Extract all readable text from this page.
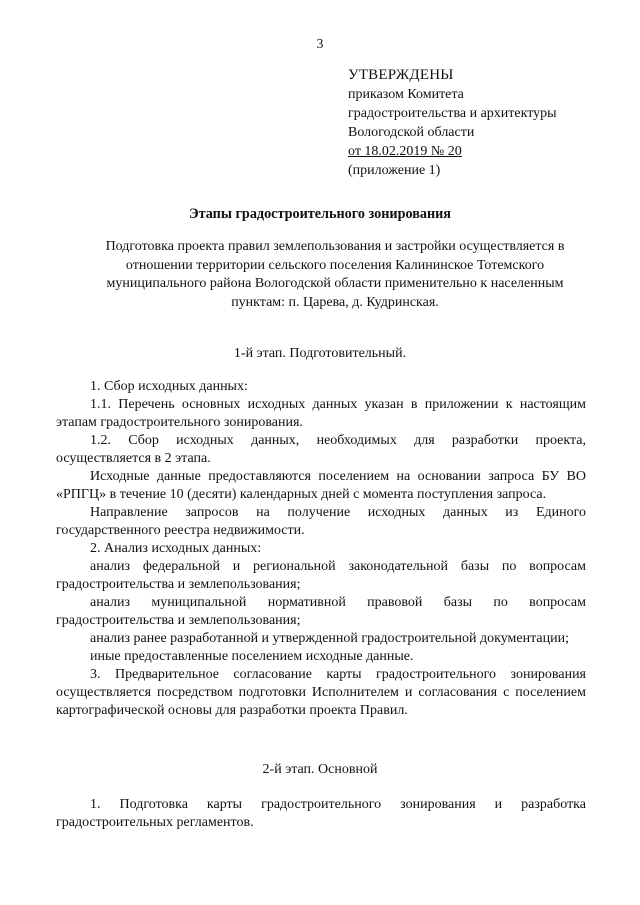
3
УТВЕРЖДЕНЫ
приказом Комитета
градостроительства и архитектуры
Вологодской области
от 18.02.2019 № 20
(приложение 1)
Этапы градостроительного зонирования
Подготовка проекта правил землепользования и застройки осуществляется в отношении территории сельского поселения Калининское Тотемского муниципального района Вологодской области применительно к населенным пунктам: п. Царева, д. Кудринская.
1-й этап. Подготовительный.

1. Сбор исходных данных:

1.1. Перечень основных исходных данных указан в приложении к настоящим этапам градостроительного зонирования.

1.2. Сбор исходных данных, необходимых для разработки проекта, осуществляется в 2 этапа.

Исходные данные предоставляются поселением на основании запроса БУ ВО «РПГЦ» в течение 10 (десяти) календарных дней с момента поступления запроса.

Направление запросов на получение исходных данных из Единого государственного реестра недвижимости.

2. Анализ исходных данных:

анализ федеральной и региональной законодательной базы по вопросам градостроительства и землепользования;

анализ муниципальной нормативной правовой базы по вопросам градостроительства и землепользования;

анализ ранее разработанной и утвержденной градостроительной документации;

иные предоставленные поселением исходные данные.

3. Предварительное согласование карты градостроительного зонирования осуществляется посредством подготовки Исполнителем и согласования с поселением картографической основы для разработки проекта Правил.

2-й этап. Основной

1. Подготовка карты градостроительного зонирования и разработка градостроительных регламентов.
